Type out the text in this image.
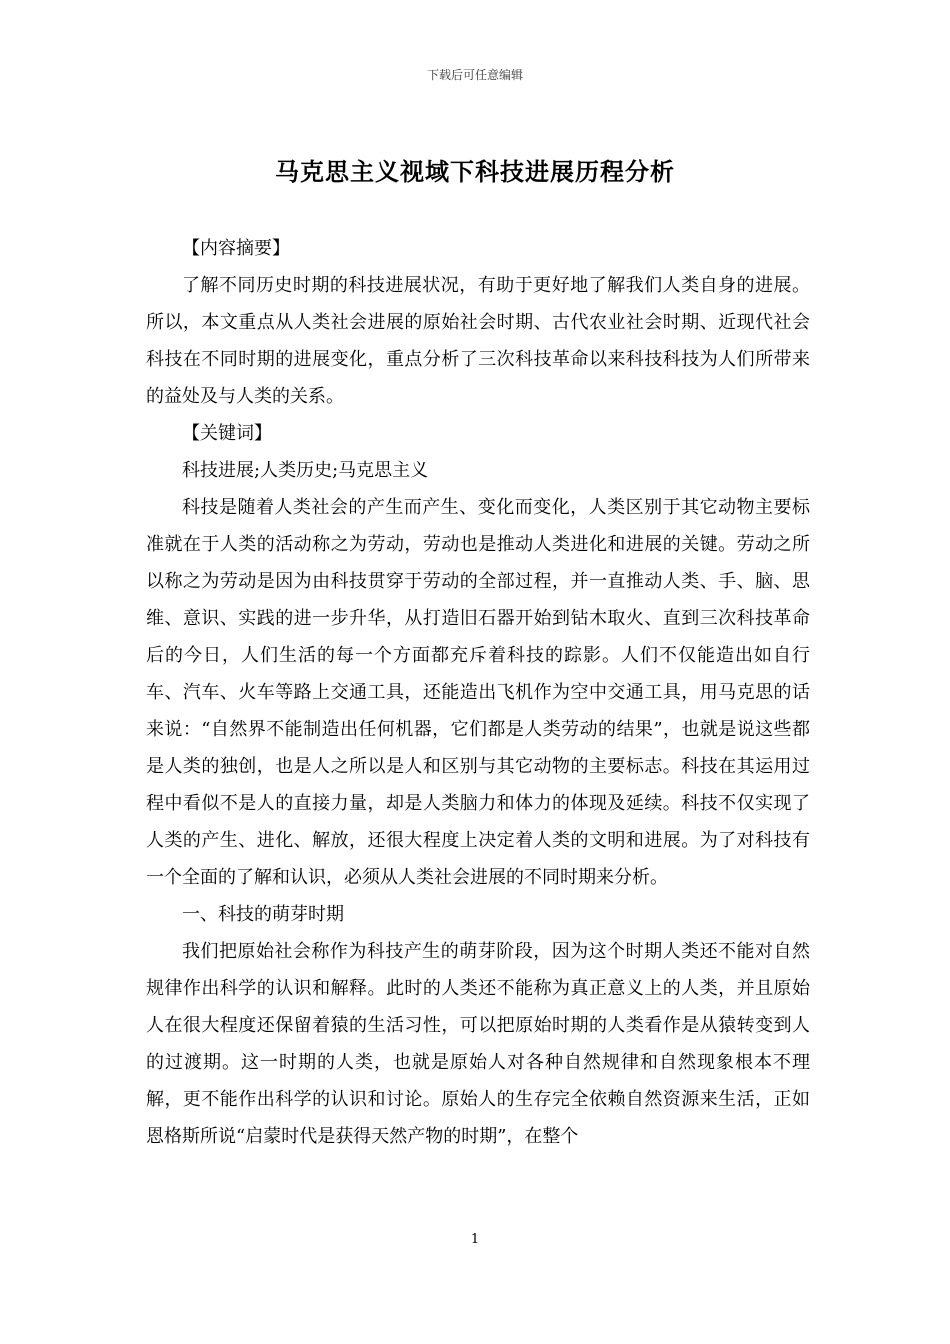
下载后可任意编辑
马克思主义视域下科技进展历程分析

【内容摘要】

了解不同历史时期的科技进展状况，有助于更好地了解我们人类自身的进展。所以，本文重点从人类社会进展的原始社会时期、古代农业社会时期、近现代社会科技在不同时期的进展变化，重点分析了三次科技革命以来科技科技为人们所带来的益处及与人类的关系。

【关键词】

科技进展;人类历史;马克思主义

科技是随着人类社会的产生而产生、变化而变化，人类区别于其它动物主要标准就在于人类的活动称之为劳动，劳动也是推动人类进化和进展的关键。劳动之所以称之为劳动是因为由科技贯穿于劳动的全部过程，并一直推动人类、手、脑、思维、意识、实践的进一步升华，从打造旧石器开始到钻木取火、直到三次科技革命后的今日，人们生活的每一个方面都充斥着科技的踪影。人们不仅能造出如自行车、汽车、火车等路上交通工具，还能造出飞机作为空中交通工具，用马克思的话来说：“自然界不能制造出任何机器，它们都是人类劳动的结果”，也就是说这些都是人类的独创，也是人之所以是人和区别与其它动物的主要标志。科技在其运用过程中看似不是人的直接力量，却是人类脑力和体力的体现及延续。科技不仅实现了人类的产生、进化、解放，还很大程度上决定着人类的文明和进展。为了对科技有一个全面的了解和认识，必须从人类社会进展的不同时期来分析。

一、科技的萌芽时期

我们把原始社会称作为科技产生的萌芽阶段，因为这个时期人类还不能对自然规律作出科学的认识和解释。此时的人类还不能称为真正意义上的人类，并且原始人在很大程度还保留着猿的生活习性，可以把原始时期的人类看作是从猿转变到人的过渡期。这一时期的人类，也就是原始人对各种自然规律和自然现象根本不理解，更不能作出科学的认识和讨论。原始人的生存完全依赖自然资源来生活，正如恩格斯所说“启蒙时代是获得天然产物的时期”，在整个

1
